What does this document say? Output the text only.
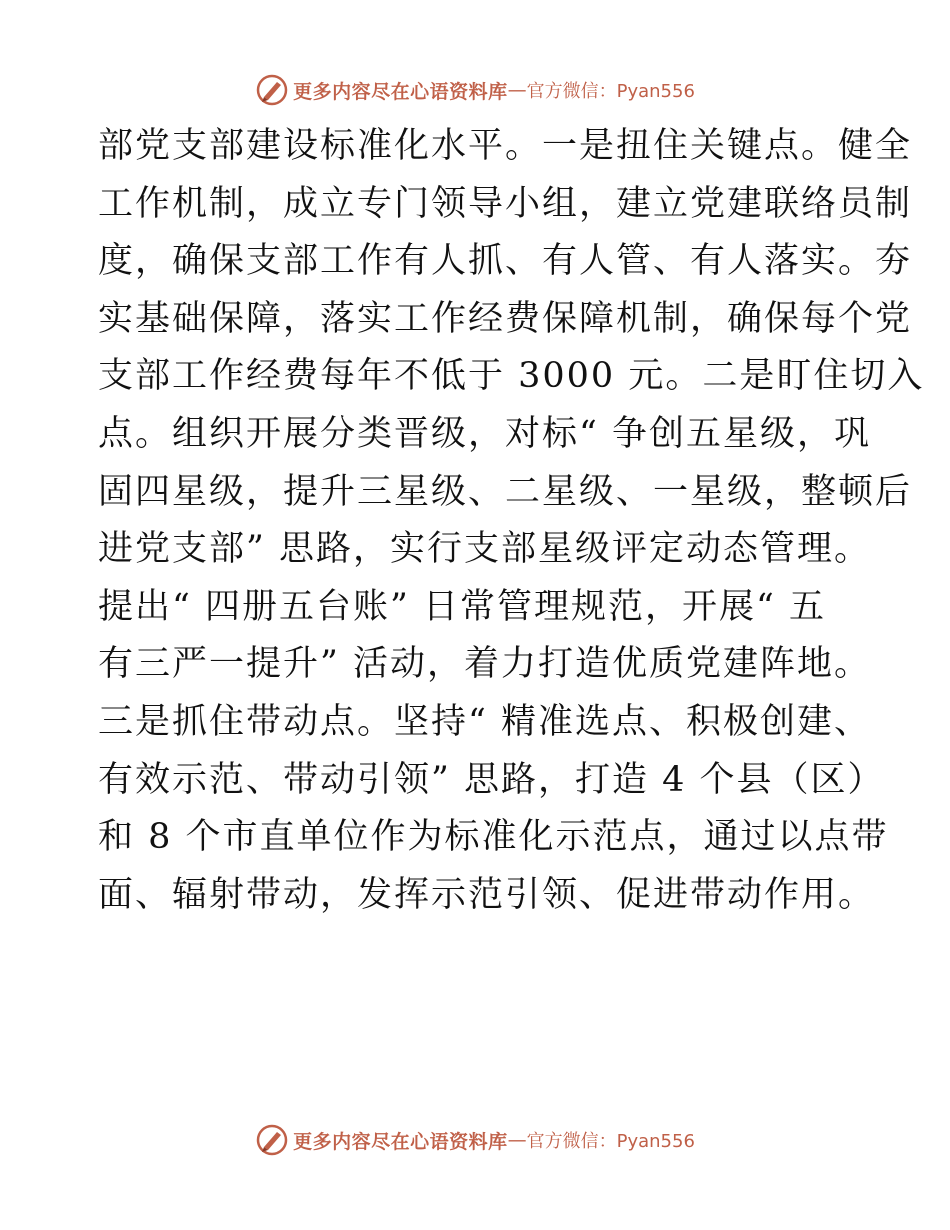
更多内容尽在心语资料库 — 官方微信：Pyan556
部党支部建设标准化水平。一是扭住关键点。健全
工作机制，成立专门领导小组，建立党建联络员制
度，确保支部工作有人抓、有人管、有人落实。夯
实基础保障，落实工作经费保障机制，确保每个党
支部工作经费每年不低于 3000 元。二是盯住切入
点。组织开展分类晋级，对标“ 争创五星级，巩
固四星级，提升三星级、二星级、一星级，整顿后
进党支部” 思路，实行支部星级评定动态管理。
提出“ 四册五台账” 日常管理规范，开展“ 五
有三严一提升” 活动，着力打造优质党建阵地。
三是抓住带动点。坚持“ 精准选点、积极创建、
有效示范、带动引领” 思路，打造 4 个县（区）
和 8 个市直单位作为标准化示范点，通过以点带
面、辐射带动，发挥示范引领、促进带动作用。
更多内容尽在心语资料库 — 官方微信：Pyan556
